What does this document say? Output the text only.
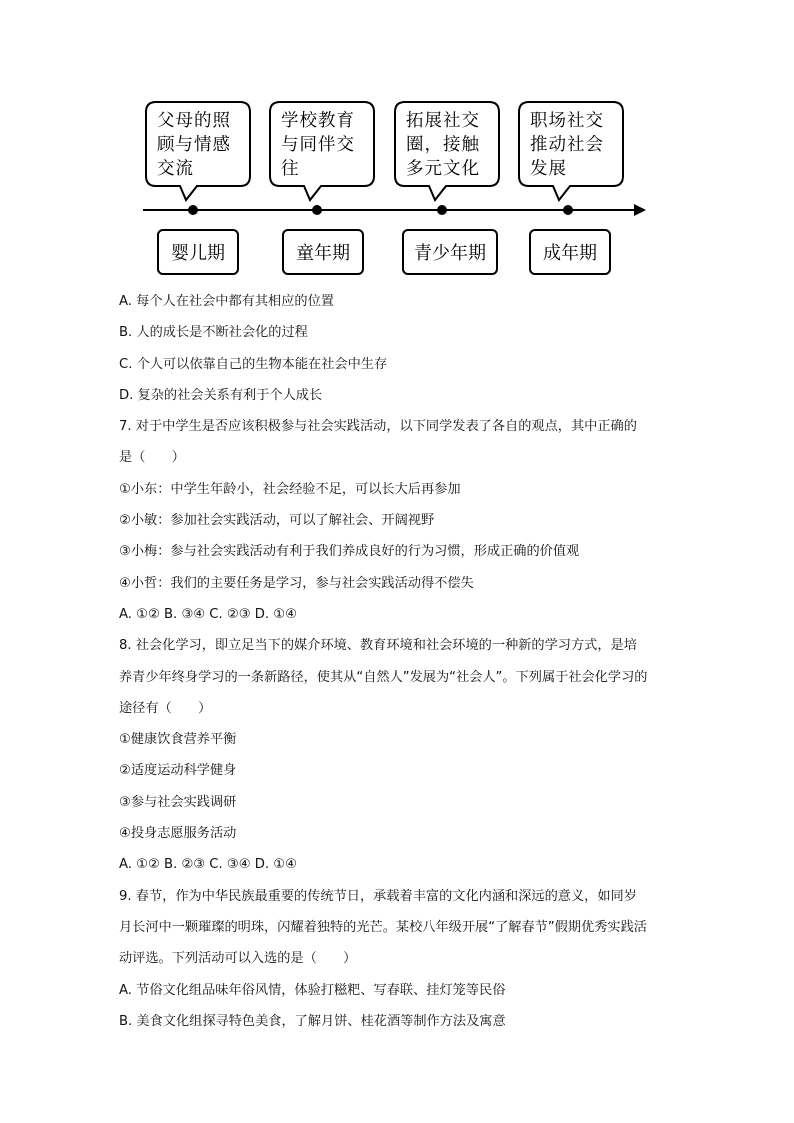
父母的照
顾与情感
交流
学校教育
与同伴交
往
拓展社交
圈，接触
多元文化
职场社交
推动社会
发展
婴儿期	童年期	青少年期	成年期
A. 每个人在社会中都有其相应的位置
B. 人的成长是不断社会化的过程
C. 个人可以依靠自己的生物本能在社会中生存
D. 复杂的社会关系有利于个人成长
7. 对于中学生是否应该积极参与社会实践活动，以下同学发表了各自的观点，其中正确的
是（　　）
①小东：中学生年龄小，社会经验不足，可以长大后再参加
②小敏：参加社会实践活动，可以了解社会、开阔视野
③小梅：参与社会实践活动有利于我们养成良好的行为习惯，形成正确的价值观
④小哲：我们的主要任务是学习，参与社会实践活动得不偿失
A. ①② B. ③④ C. ②③ D. ①④
8. 社会化学习，即立足当下的媒介环境、教育环境和社会环境的一种新的学习方式，是培
养青少年终身学习的一条新路径，使其从“自然人”发展为“社会人”。下列属于社会化学习的
途径有（　　）
①健康饮食营养平衡
②适度运动科学健身
③参与社会实践调研
④投身志愿服务活动
A. ①② B. ②③ C. ③④ D. ①④
9. 春节，作为中华民族最重要的传统节日，承载着丰富的文化内涵和深远的意义，如同岁
月长河中一颗璀璨的明珠，闪耀着独特的光芒。某校八年级开展“了解春节”假期优秀实践活
动评选。下列活动可以入选的是（　　）
A. 节俗文化组品味年俗风情，体验打糍粑、写春联、挂灯笼等民俗
B. 美食文化组探寻特色美食，了解月饼、桂花酒等制作方法及寓意
